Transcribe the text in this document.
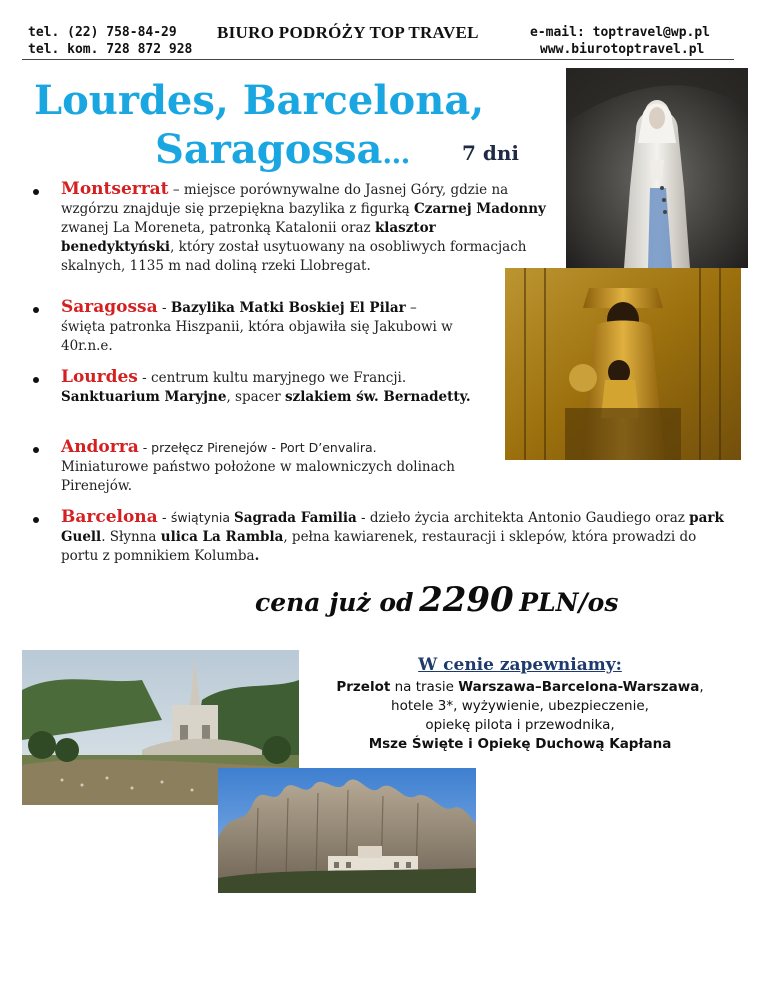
tel. (22) 758-84-29
tel. kom. 728 872 928
BIURO PODRÓŻY TOP TRAVEL	e-mail: toptravel@wp.pl
www.biurotoptravel.pl
Lourdes, Barcelona,
Saragossa…	7 dni
Montserrat – miejsce porównywalne do Jasnej Góry, gdzie na wzgórzu znajduje się przepiękna bazylika z figurką Czarnej Madonny zwanej La Moreneta, patronką Katalonii oraz klasztor benedyktyński, który został usytuowany na osobliwych formacjach skalnych, 1135 m nad doliną rzeki Llobregat.
Saragossa - Bazylika Matki Boskiej El Pilar –
święta patronka Hiszpanii, która objawiła się Jakubowi w 40r.n.e.
Lourdes - centrum kultu maryjnego we Francji.
Sanktuarium Maryjne, spacer szlakiem św. Bernadetty.
Andorra - przełęcz Pirenejów - Port D’envalira.
Miniaturowe państwo położone w malowniczych dolinach Pirenejów.
Barcelona - świątynia Sagrada Familia - dzieło życia architekta Antonio Gaudiego oraz park Guell. Słynna ulica La Rambla, pełna kawiarenek, restauracji i sklepów, która prowadzi do portu z pomnikiem Kolumba.
cena już od 2290 PLN/os
W cenie zapewniamy:
Przelot na trasie Warszawa–Barcelona-Warszawa,
hotele 3*, wyżywienie, ubezpieczenie,
opiekę pilota i przewodnika,
Msze Święte i Opiekę Duchową Kapłana
